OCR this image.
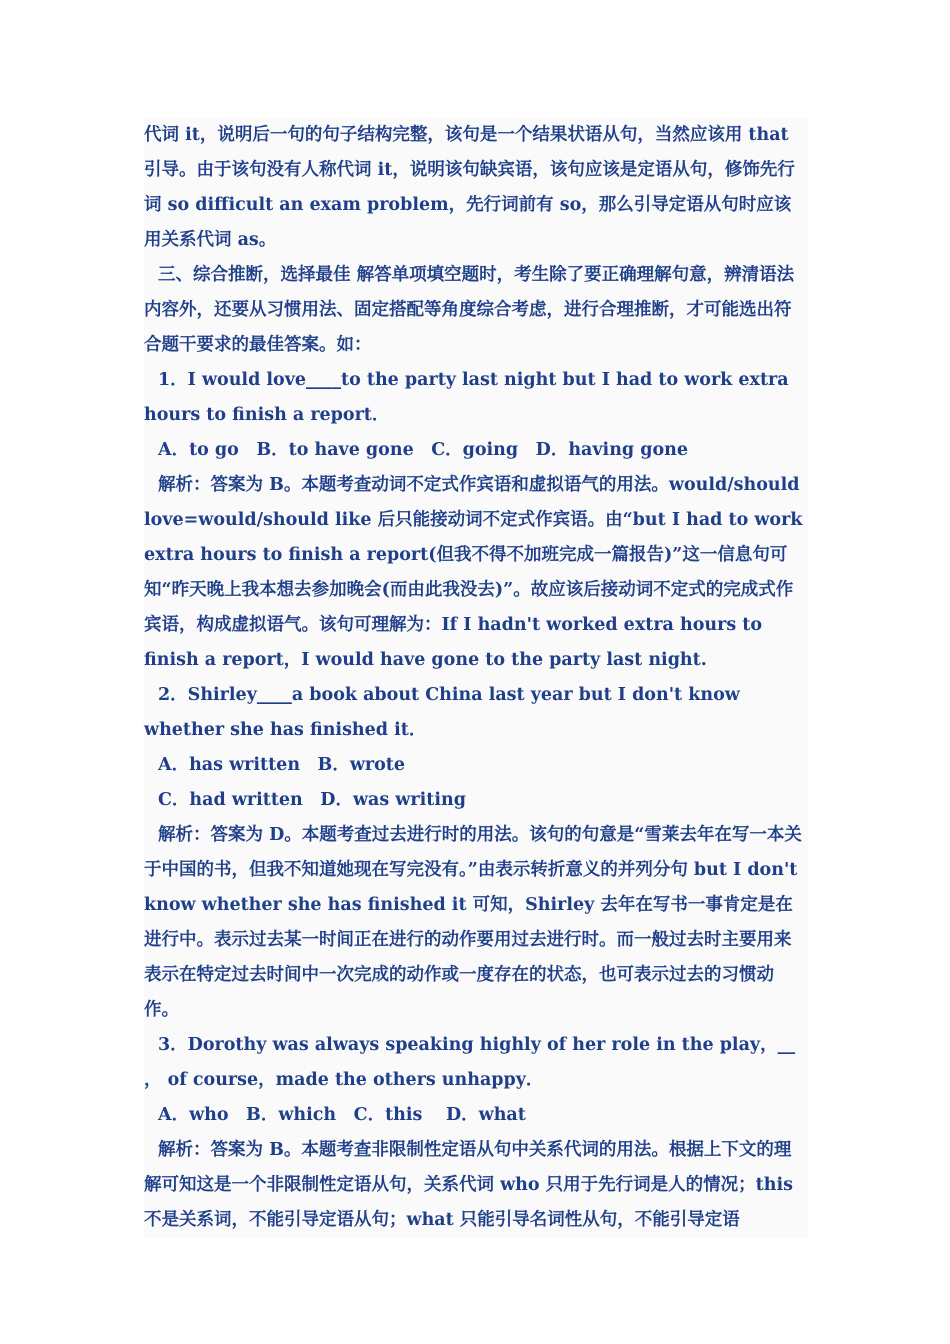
代词 it，说明后一句的句子结构完整，该句是一个结果状语从句，当然应该用 that 引导。由于该句没有人称代词 it，说明该句缺宾语，该句应该是定语从句，修饰先行词 so difficult an exam problem，先行词前有 so，那么引导定语从句时应该用关系代词 as。

三、综合推断，选择最佳 解答单项填空题时，考生除了要正确理解句意，辨清语法内容外，还要从习惯用法、固定搭配等角度综合考虑，进行合理推断，才可能选出符合题干要求的最佳答案。如：

1．I would love____to the party last night but I had to work extra hours to finish a report．

A．to go　B．to have gone　C．going　D．having gone

解析：答案为 B。本题考查动词不定式作宾语和虚拟语气的用法。would/should love=would/should like 后只能接动词不定式作宾语。由“but I had to work extra hours to finish a report(但我不得不加班完成一篇报告)”这一信息句可知“昨天晚上我本想去参加晚会(而由此我没去)”。故应该后接动词不定式的完成式作宾语，构成虚拟语气。该句可理解为：If I hadn't worked extra hours to finish a report，I would have gone to the party last night.

2．Shirley____a book about China last year but I don't know whether she has finished it．

A．has written　B．wrote

C．had written　D．was writing

解析：答案为 D。本题考查过去进行时的用法。该句的句意是“雪莱去年在写一本关于中国的书，但我不知道她现在写完没有。”由表示转折意义的并列分句 but I don't know whether she has finished it 可知，Shirley 去年在写书一事肯定是在进行中。表示过去某一时间正在进行的动作要用过去进行时。而一般过去时主要用来表示在特定过去时间中一次完成的动作或一度存在的状态，也可表示过去的习惯动作。

3．Dorothy was always speaking highly of her role in the play，__ ， of course，made the others unhappy．

A．who　B．which　C．this　 D．what

解析：答案为 B。本题考查非限制性定语从句中关系代词的用法。根据上下文的理解可知这是一个非限制性定语从句，关系代词 who 只用于先行词是人的情况；this 不是关系词，不能引导定语从句；what 只能引导名词性从句，不能引导定语
